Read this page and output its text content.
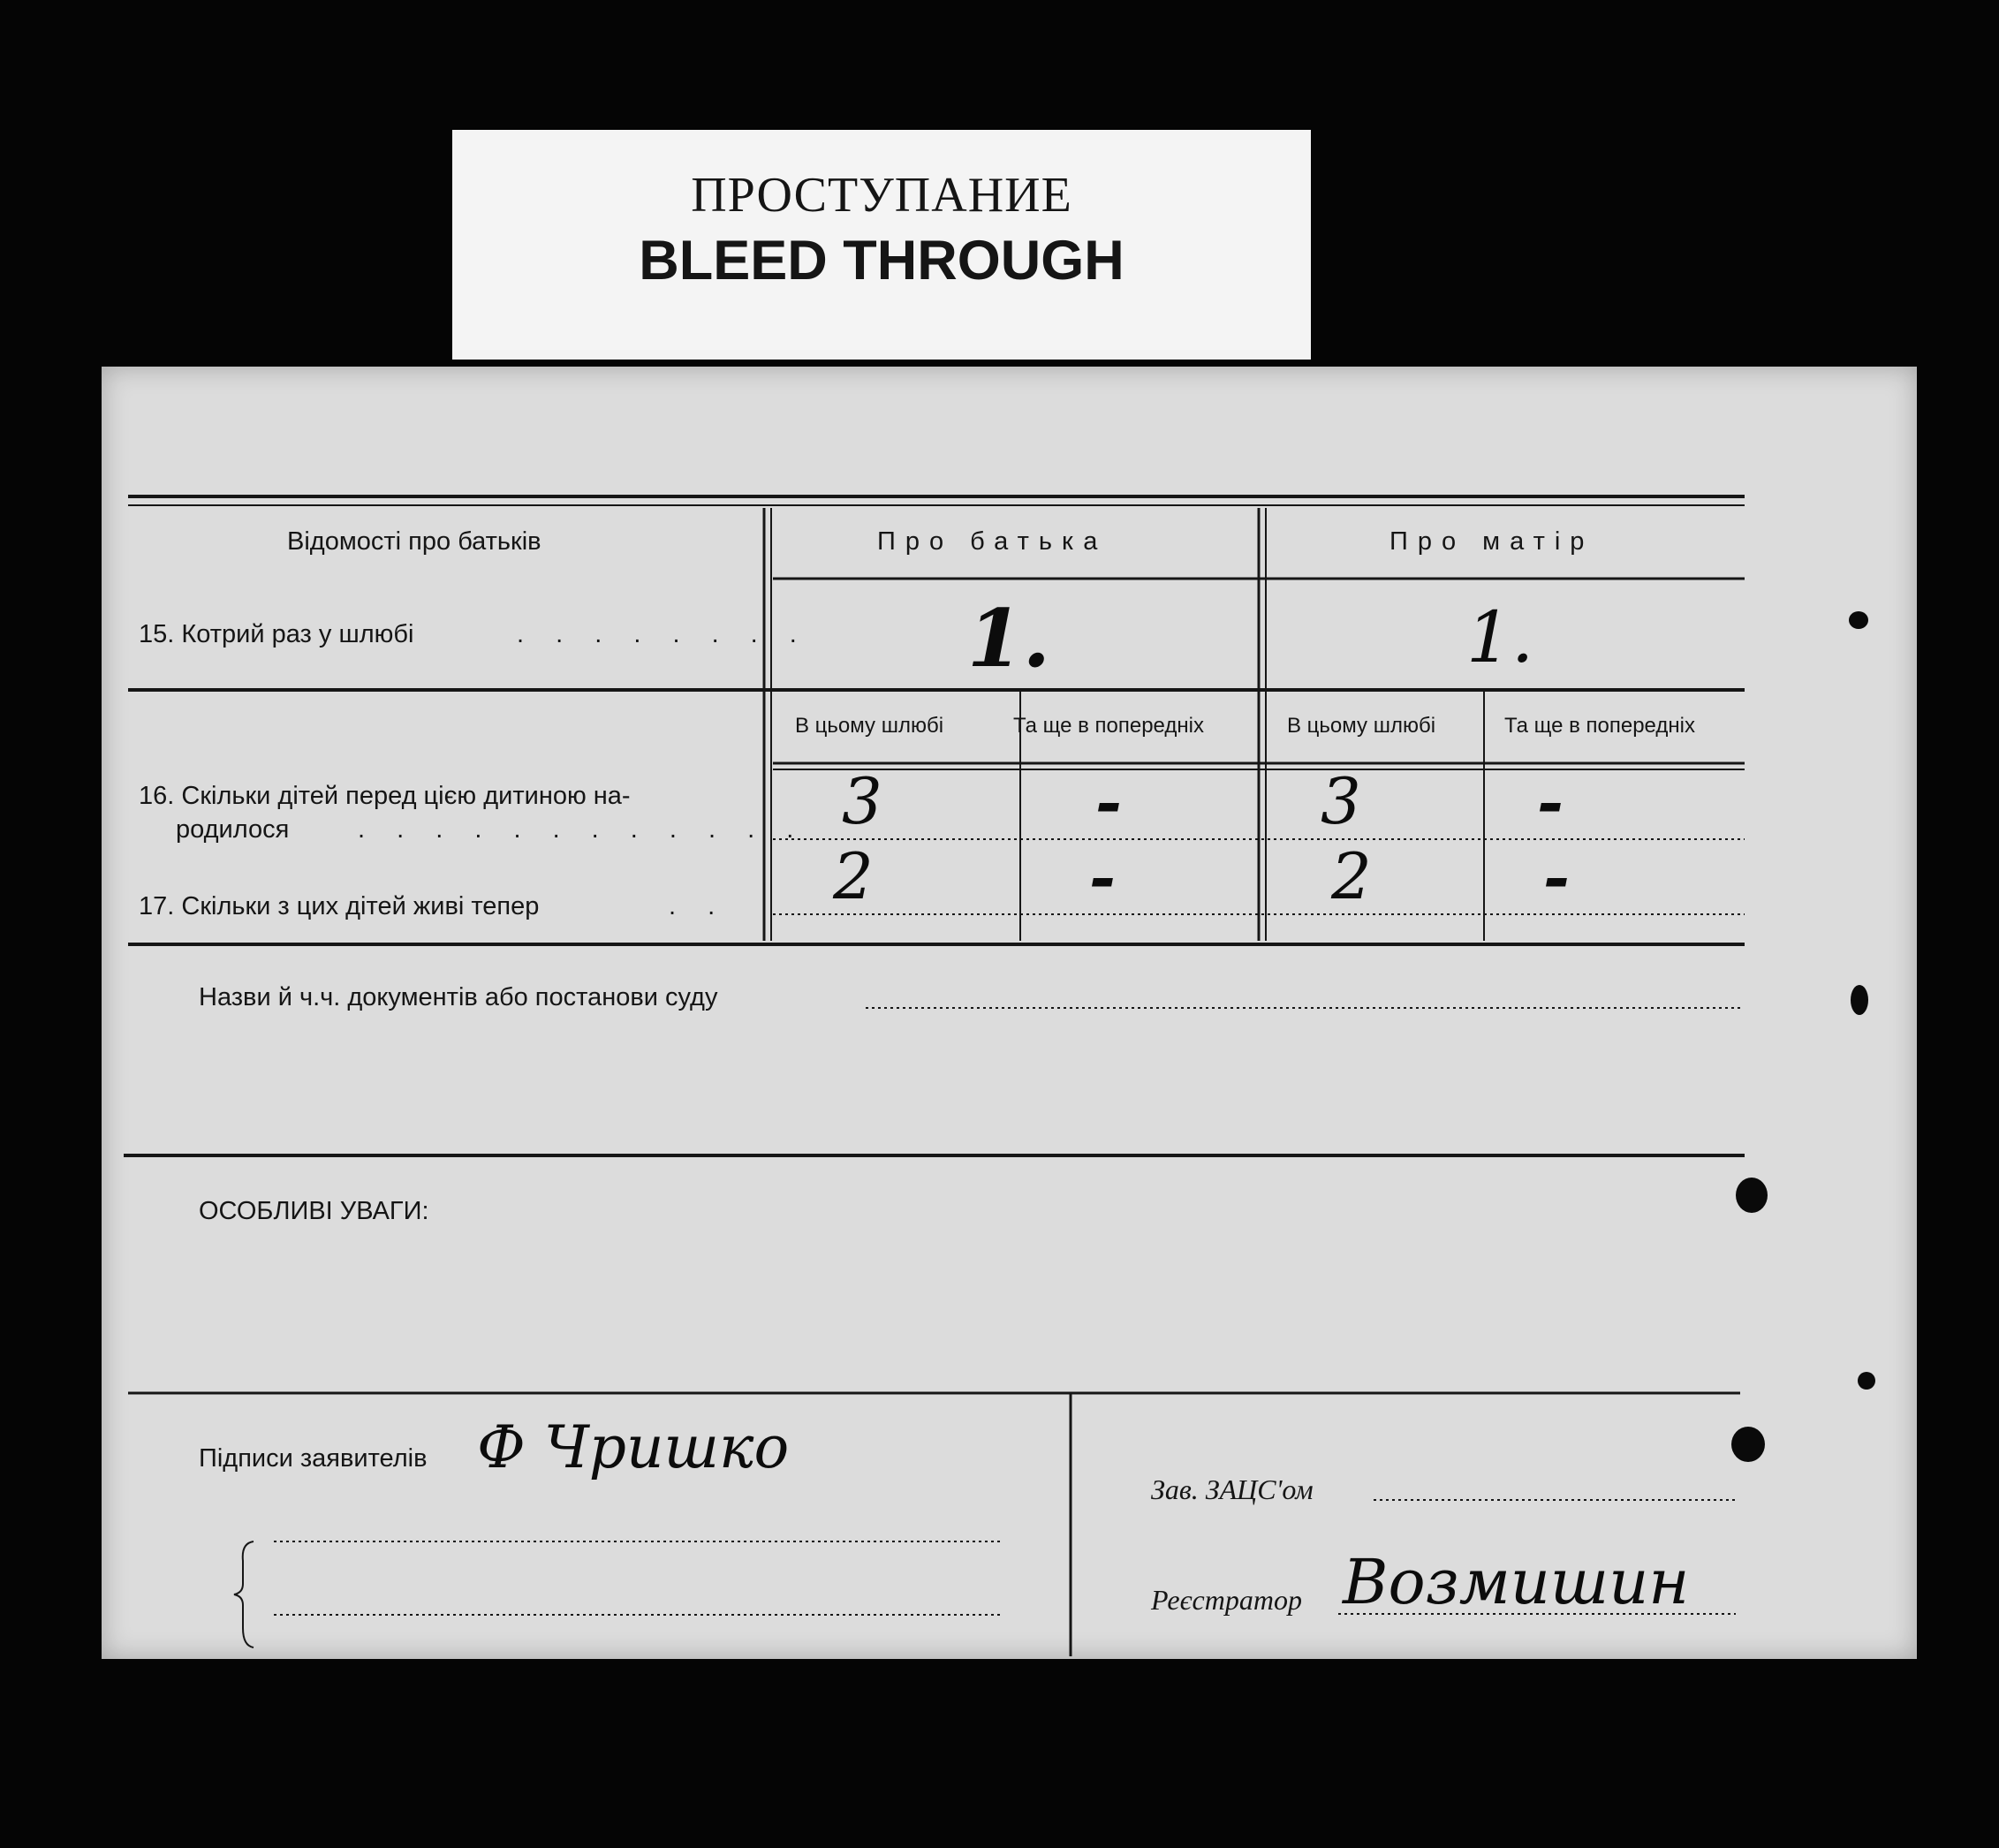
ПРОСТУПАНИЕ
BLEED THROUGH
Відомості про батьків	Про батька	Про матір
15. Котрий раз у шлюбі	. . . . . . . . 1.	1.
В цьому шлюбі	Та ще в попередніх	В цьому шлюбі	Та ще в попередніх
16. Скільки дітей перед цією дитиною на-
родилося	. . . . . . . . . . . . 3	-	3	-
17. Скільки з цих дітей живі тепер	. . 2	-	2	-
Назви й ч.ч. документів або постанови суду
ОСОБЛИВІ УВАГИ:
Підписи заявителів Ф Чришко
Зав. ЗАЦС'ом
Реєстратор Возмишин
